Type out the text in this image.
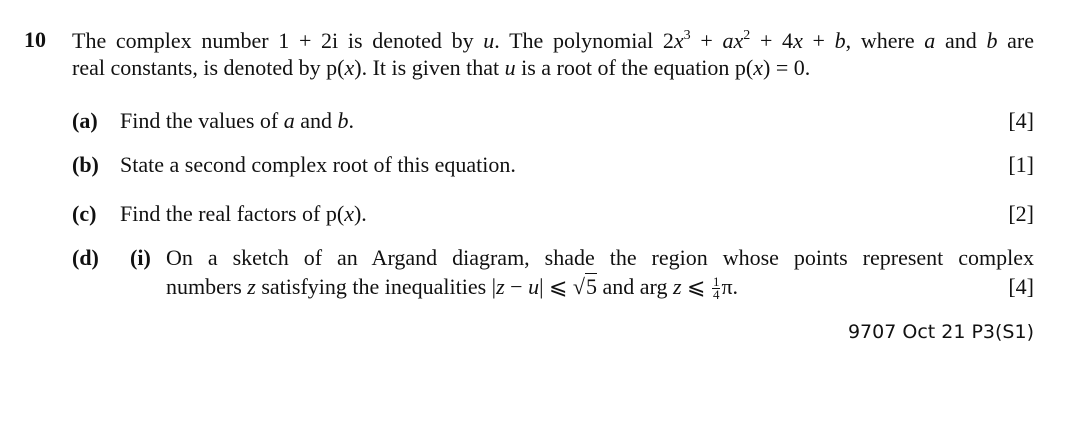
10 The complex number 1 + 2i is denoted by u. The polynomial $2x^3 + ax^2 + 4x + b$, where a and b are
real constants, is denoted by p(x). It is given that u is a root of the equation p(x) = 0.
(a) Find the values of a and b.	[4]
(b) State a second complex root of this equation.	[1]
(c) Find the real factors of p(x).	[2]
(d) (i) On a sketch of an Argand diagram, shade the region whose points represent complex
numbers z satisfying the inequalities |z − u| ⩽ √5 and arg z ⩽ $\frac{1}{4} \pi$.	[4]
9707 Oct 21 P3(S1)
